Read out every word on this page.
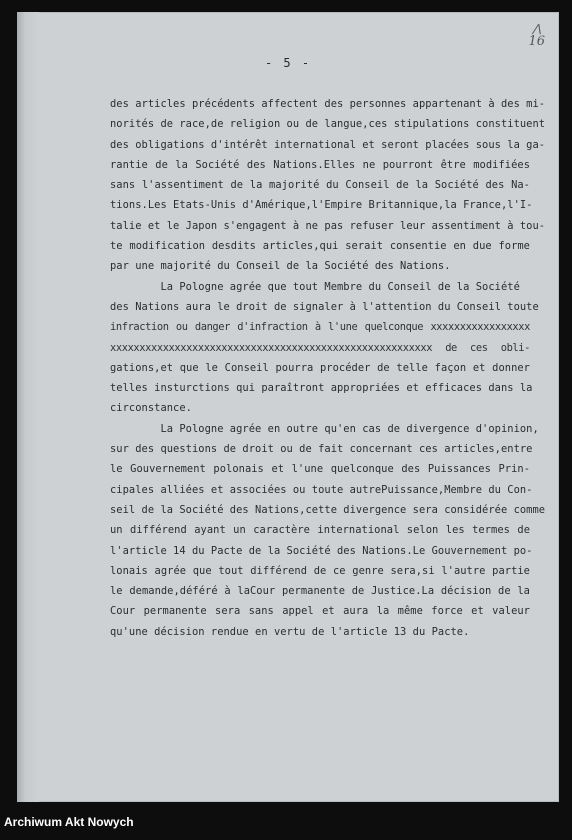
⋀
16
- 5 -
des articles précédents affectent des personnes appartenant à des mi-
norités de race,de religion ou de langue,ces stipulations constituent
des obligations d'intérêt international et seront placées sous la ga-
rantie de la Société des Nations.Elles ne pourront être modifiées
sans l'assentiment de la majorité du Conseil de la Société des Na-
tions.Les Etats-Unis d'Amérique,l'Empire Britannique,la France,l'I-
talie et le Japon s'engagent à ne pas refuser leur assentiment à tou-
te modification desdits articles,qui serait consentie en due forme
par une majorité du Conseil de la Société des Nations.
La Pologne agrée que tout Membre du Conseil de la Société
des Nations aura le droit de signaler à l'attention du Conseil toute
infraction ou danger d'infraction à l'une quelconque xxxxxxxxxxxxxxxxx
xxxxxxxxxxxxxxxxxxxxxxxxxxxxxxxxxxxxxxxxxxxxxxxxxxxxxxx de ces obli-
gations,et que le Conseil pourra procéder de telle façon et donner
telles insturctions qui paraîtront appropriées et efficaces dans la
circonstance.
La Pologne agrée en outre qu'en cas de divergence d'opinion,
sur des questions de droit ou de fait concernant ces articles,entre
le Gouvernement polonais et l'une quelconque des Puissances Prin-
cipales alliées et associées ou toute autrePuissance,Membre du Con-
seil de la Société des Nations,cette divergence sera considérée comme
un différend ayant un caractère international selon les termes de
l'article 14 du Pacte de la Société des Nations.Le Gouvernement po-
lonais agrée que tout différend de ce genre sera,si l'autre partie
le demande,déféré à laCour permanente de Justice.La décision de la
Cour permanente sera sans appel et aura la même force et valeur
qu'une décision rendue en vertu de l'article 13 du Pacte.
Archiwum Akt Nowych
